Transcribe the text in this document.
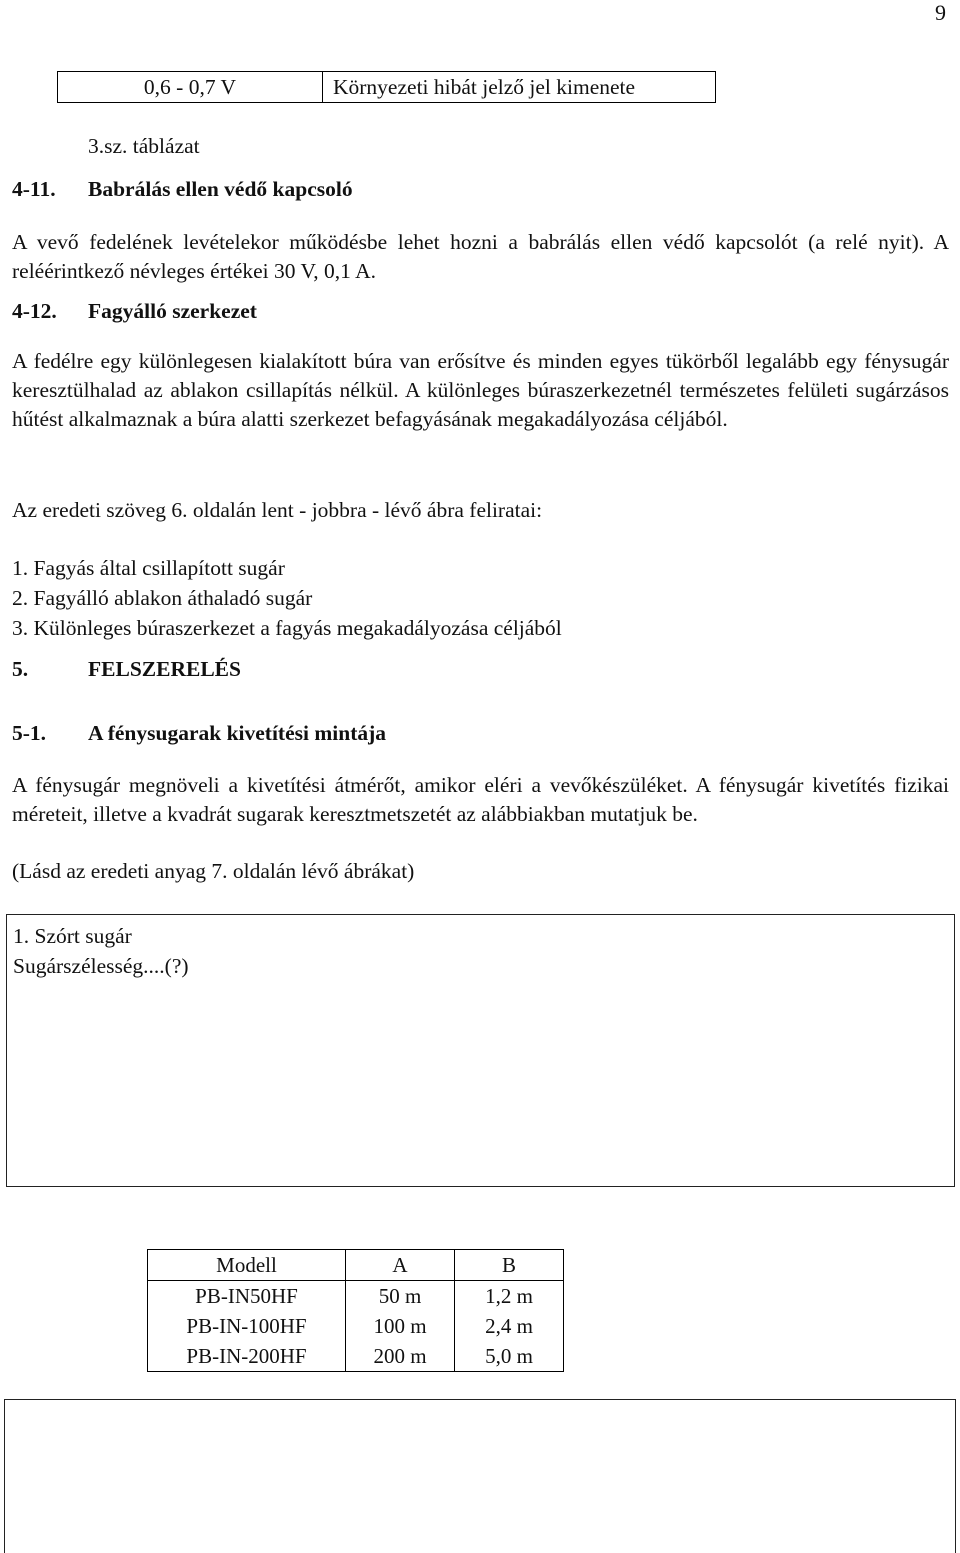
9
0,6 - 0,7 V	Környezeti hibát jelző jel kimenete
3.sz. táblázat
4-11. Babrálás ellen védő kapcsoló
A vevő fedelének levételekor működésbe lehet hozni a babrálás ellen védő kapcsolót (a relé nyit). A reléérintkező névleges értékei 30 V, 0,1 A.
4-12. Fagyálló szerkezet
A fedélre egy különlegesen kialakított búra van erősítve és minden egyes tükörből legalább egy fénysugár keresztülhalad az ablakon csillapítás nélkül. A különleges búraszerkezetnél természetes felületi sugárzásos hűtést alkalmaznak a búra alatti szerkezet befagyásának megakadályozása céljából.
Az eredeti szöveg 6. oldalán lent - jobbra - lévő ábra feliratai:
1. Fagyás által csillapított sugár
2. Fagyálló ablakon áthaladó sugár
3. Különleges búraszerkezet a fagyás megakadályozása céljából
5.	FELSZERELÉS
5-1. A fénysugarak kivetítési mintája
A fénysugár megnöveli a kivetítési átmérőt, amikor eléri a vevőkészüléket. A fénysugár kivetítés fizikai méreteit, illetve a kvadrát sugarak keresztmetszetét az alábbiakban mutatjuk be.
(Lásd az eredeti anyag 7. oldalán lévő ábrákat)
1. Szórt sugár
Sugárszélesség....(?)
Modell	A	B
PB-IN50HF	50 m	1,2 m
PB-IN-100HF	100 m	2,4 m
PB-IN-200HF	200 m	5,0 m
